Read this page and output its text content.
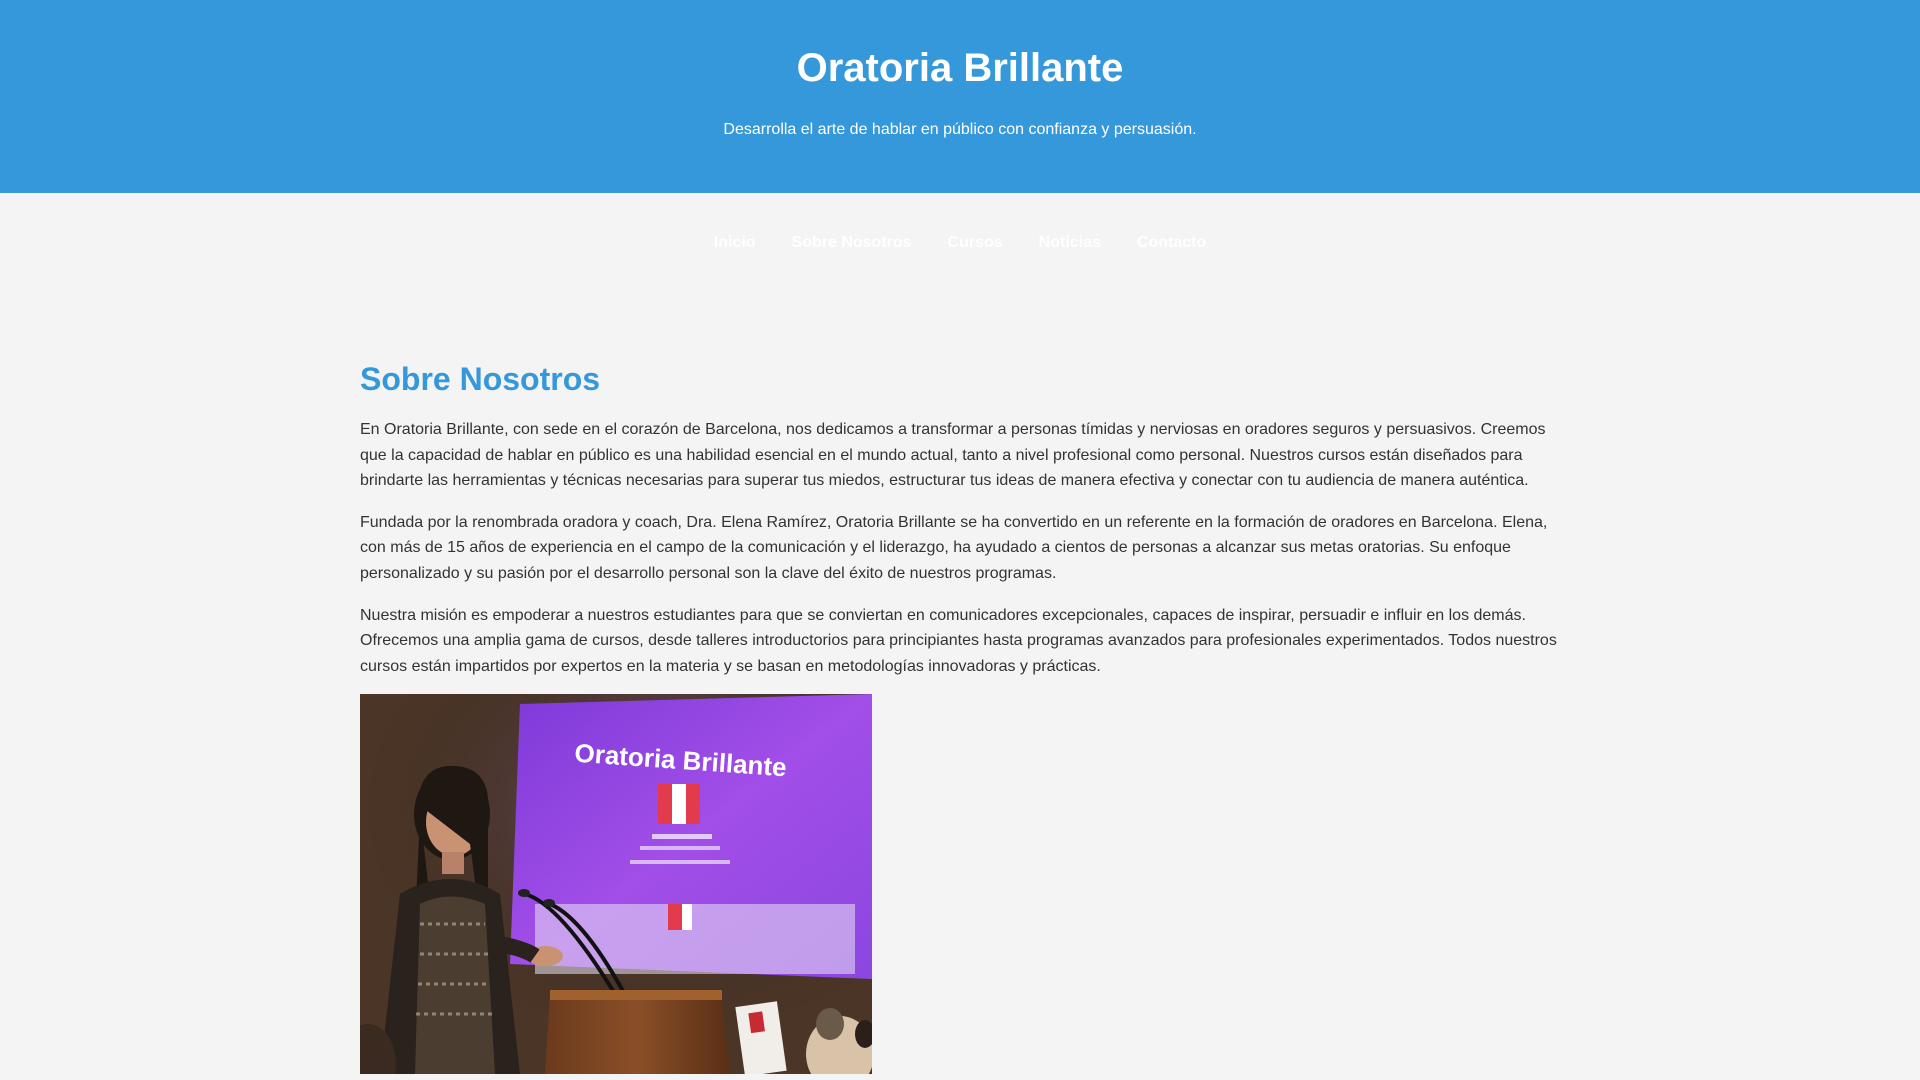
Oratoria Brillante

Desarrolla el arte de hablar en público con confianza y persuasión.

Inicio Sobre Nosotros Cursos Noticias Contacto
Sobre Nosotros

En Oratoria Brillante, con sede en el corazón de Barcelona, nos dedicamos a transformar a personas tímidas y nerviosas en oradores seguros y persuasivos. Creemos que la capacidad de hablar en público es una habilidad esencial en el mundo actual, tanto a nivel profesional como personal. Nuestros cursos están diseñados para brindarte las herramientas y técnicas necesarias para superar tus miedos, estructurar tus ideas de manera efectiva y conectar con tu audiencia de manera auténtica.

Fundada por la renombrada oradora y coach, Dra. Elena Ramírez, Oratoria Brillante se ha convertido en un referente en la formación de oradores en Barcelona. Elena, con más de 15 años de experiencia en el campo de la comunicación y el liderazgo, ha ayudado a cientos de personas a alcanzar sus metas oratorias. Su enfoque personalizado y su pasión por el desarrollo personal son la clave del éxito de nuestros programas.

Nuestra misión es empoderar a nuestros estudiantes para que se conviertan en comunicadores excepcionales, capaces de inspirar, persuadir e influir en los demás. Ofrecemos una amplia gama de cursos, desde talleres introductorios para principiantes hasta programas avanzados para profesionales experimentados. Todos nuestros cursos están impartidos por expertos en la materia y se basan en metodologías innovadoras y prácticas.

Oratoria Brillante
